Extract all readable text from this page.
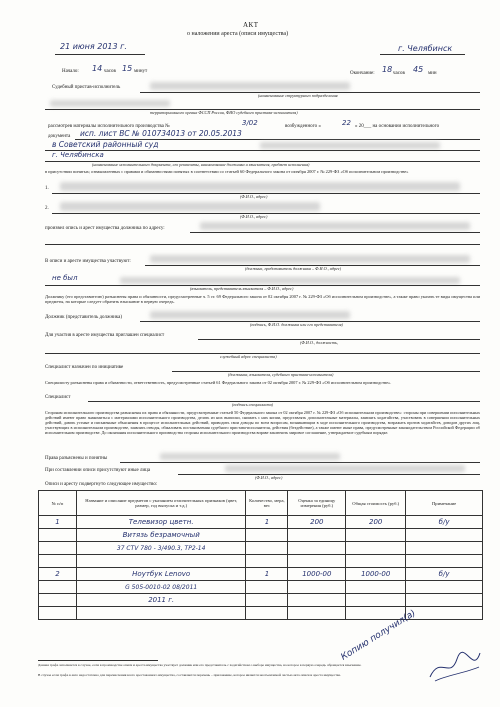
АКТ
о наложении ареста (описи имущества)
21 июня 2013 г.	г. Челябинск
Начало: 14 часов 15 минут	Окончание: 18 часов 45 мин
Судебный пристав-исполнитель
(наименование структурного подразделения
территориального органа ФССП России, ФИО судебного пристава-исполнителя)
рассмотрев материалы исполнительного производства №	3/02	возбужденного «	22 » 20___ на основании исполнительного
документа исп. лист ВС № 010734013 от 20.05.2013
в Советский районный суд
г. Челябинска
(наименование исполнительного документа, его реквизиты, наименование должника и взыскателя, предмет исполнения)
в присутствии понятых; ознакомленных с правами и обязанностями понятых в соответствии со статьей 60 Федерального закона от октября 2007 г. № 229-ФЗ «Об исполнительном производстве»
1.
(Ф.И.О., адрес)
2.
(Ф.И.О., адрес)
произвел опись и арест имущества должника по адресу:
В описи и аресте имущества участвуют:
(должник, представитель должника – Ф.И.О., адрес)
не был
(взыскатель, представитель взыскателя – Ф.И.О., адрес)
Должнику (его представителю) разъяснены права и обязанности, предусмотренные ч. 5 ст. 69 Федерального закона от 02 октября 2007 г. № 229-ФЗ «Об исполнительном производстве», а также право указать те виды имущества или предметы, на которые следует обратить взыскание в первую очередь.
Должник (представитель должника)
(подпись, Ф.И.О. должника или его представителя)
Для участия в аресте имущества приглашен специалист
(Ф.И.О., должность,
служебный адрес специалиста)
Специалист назначен по инициативе
(должника, взыскателя, судебного пристава-исполнителя)
Специалисту разъяснены права и обязанности, ответственность, предусмотренные статьей 61 Федерального закона от 02 октября 2007 г. № 229-ФЗ «Об исполнительном производстве».
Специалист
(подпись специалиста)
Сторонам исполнительного производства разъяснены их права и обязанности, предусмотренные статьей 50 Федерального закона от 02 октября 2007 г. № 229-ФЗ «Об исполнительном производстве»: стороны при совершении исполнительных действий имеют право знакомиться с материалами исполнительного производства, делать из них выписки, снимать с них копии, представлять дополнительные материалы, заявлять ходатайства, участвовать в совершении исполнительных действий, давать устные и письменные объяснения в процессе исполнительных действий, приводить свои доводы по всем вопросам, возникающим в ходе исполнительного производства, возражать против ходатайств, доводов других лиц, участвующих в исполнительном производстве, заявлять отводы, обжаловать постановления судебного пристава-исполнителя, действия (бездействие), а также имеют иные права, предусмотренные законодательством Российской Федерации об исполнительном производстве. До окончания исполнительного производства стороны исполнительного производства вправе заключить мировое соглашение, утверждаемое судебным порядке.
Права разъяснены и понятны
При составлении описи присутствуют иные лица
(Ф.И.О., адрес)
Описи и аресту подвергнуто следующее имущество:
№ п/п	Название и описание предметов с указанием отличительных признаков (цвет, размер, год выпуска и т.д.)	Количество, мера, вес	Оценка за единицу измерения (руб.)	Общая стоимость (руб.)	Примечание
1	Телевизор цветн.	1	200	200	б/у
	Витязь безрамочный				
	37 CTV 780 - 3/490.3, TP2-14				

2	Ноутбук Lenovo	1	1000-00	1000-00	б/у
	G 505-0010-02 08/2011				
	2011 г.				

Данная графа заполняется в случае, если в производстве описи и ареста имущества участвует должник или его представитель с ходатайством о выборе имущества, на которое в первую очередь обращается взыскание.
В случае если графа в акте недостаточно для перечисления всего арестованного имущества, составляется перечень – приложение, которое является неотъемлемой частью акта описи и ареста имущества.
Копию получил(а)
